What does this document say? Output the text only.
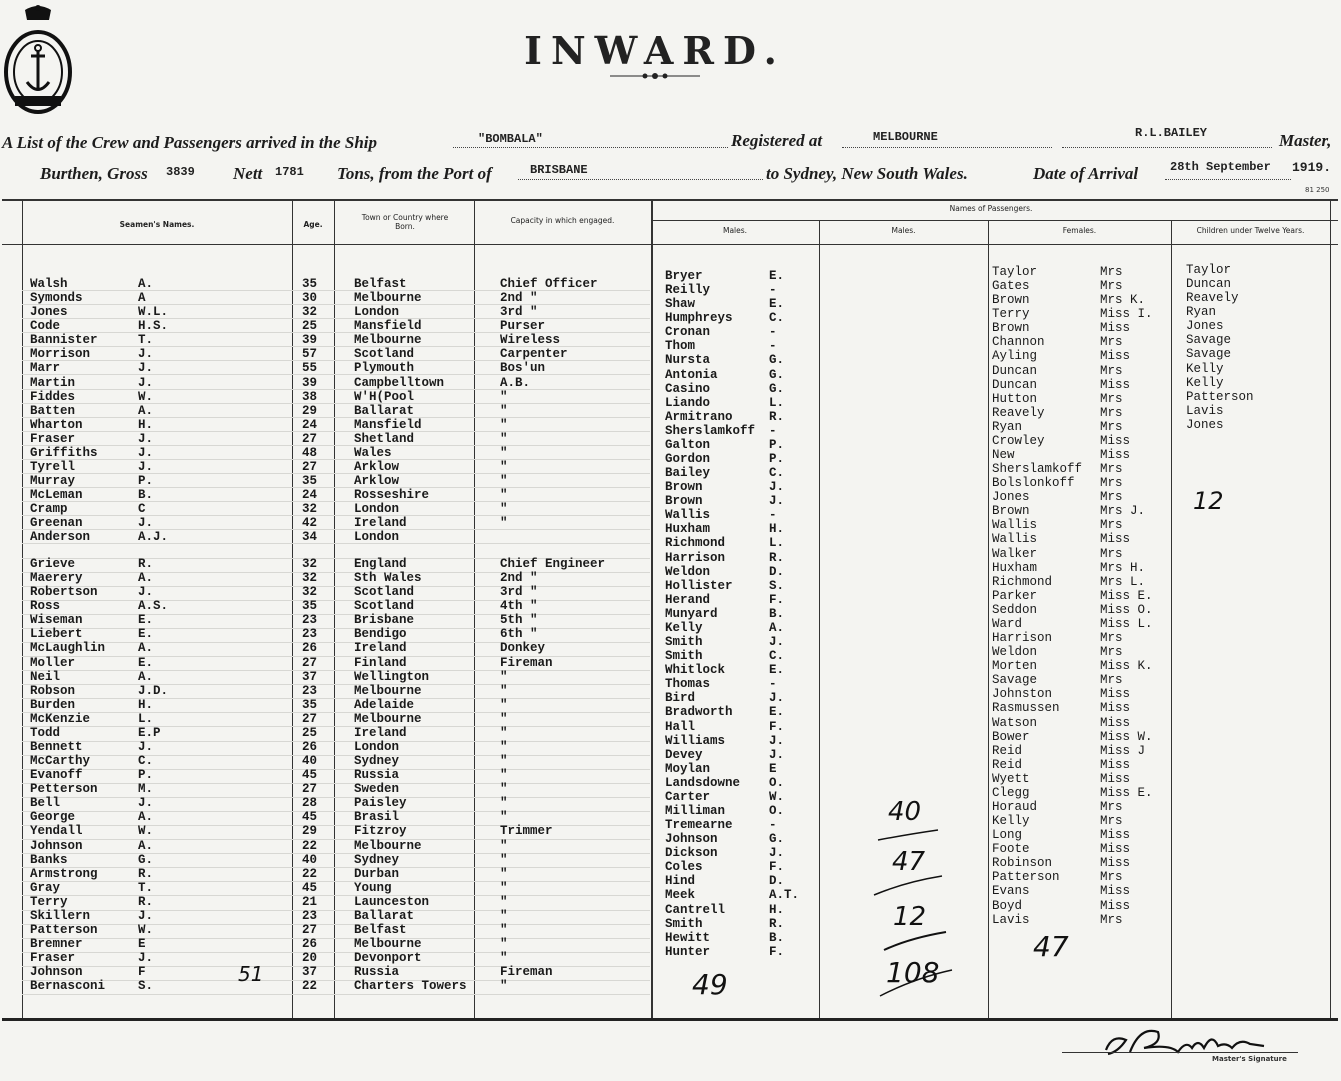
INWARD.
A List of the Crew and Passengers arrived in the Ship	"BOMBALA"	Registered at	MELBOURNE	R.L.BAILEY	Master,
Burthen, Gross 3839 Nett 1781 Tons, from the Port of	BRISBANE	to Sydney, New South Wales.	Date of Arrival	28th September 1919.
81 250
Seamen's Names.	Age.
Town or Country where Born.
Capacity in which engaged.
Names of Passengers.
Males.	Males.	Females.	Children under Twelve Years.
Walsh	A.	35	Belfast	Chief Officer
Symonds	A	30	Melbourne	2nd "
Jones	W.L.	32	London	3rd "
Code	H.S.	25	Mansfield	Purser
Bannister	T.	39	Melbourne	Wireless
Morrison	J.	57	Scotland	Carpenter
Marr	J.	55	Plymouth	Bos'un
Martin	J.	39	Campbelltown	A.B.
Fiddes	W.	38	W'H(Pool	"
Batten	A.	29	Ballarat	"
Wharton	H.	24	Mansfield	"
Fraser	J.	27	Shetland	"
Griffiths	J.	48	Wales	"
Tyrell	J.	27	Arklow	"
Murray	P.	35	Arklow	"
McLeman	B.	24	Rosseshire	"
Cramp	C	32	London	"
Greenan	J.	42	Ireland	"
Anderson	A.J.	34	London
Grieve	R.	32	England	Chief Engineer
Maerery	A.	32	Sth Wales	2nd "
Robertson	J.	32	Scotland	3rd "
Ross	A.S.	35	Scotland	4th "
Wiseman	E.	23	Brisbane	5th "
Liebert	E.	23	Bendigo	6th "
McLaughlin	A.	26	Ireland	Donkey
Moller	E.	27	Finland	Fireman
Neil	A.	37	Wellington	"
Robson	J.D.	23	Melbourne	"
Burden	H.	35	Adelaide	"
McKenzie	L.	27	Melbourne	"
Todd	E.P	25	Ireland	"
Bennett	J.	26	London	"
McCarthy	C.	40	Sydney	"
Evanoff	P.	45	Russia	"
Petterson	M.	27	Sweden	"
Bell	J.	28	Paisley	"
George	A.	45	Brasil	"
Yendall	W.	29	Fitzroy	Trimmer
Johnson	A.	22	Melbourne	"
Banks	G.	40	Sydney	"
Armstrong	R.	22	Durban	"
Gray	T.	45	Young	"
Terry	R.	21	Launceston	"
Skillern	J.	23	Ballarat	"
Patterson	W.	27	Belfast	"
Bremner	E	26	Melbourne	"
Fraser	J.	20	Devonport	"
Johnson	F	37	Russia	Fireman
Bernasconi	S.	22	Charters Towers	"
Bryer	E.
Reilly	-
Shaw	E.
Humphreys	C.
Cronan	-
Thom	-
Nursta	G.
Antonia	G.
Casino	G.
Liando	L.
Armitrano	R.
Sherslamkoff -
Galton	P.
Gordon	P.
Bailey	C.
Brown	J.
Brown	J.
Wallis	-
Huxham	H.
Richmond	L.
Harrison	R.
Weldon	D.
Hollister	S.
Herand	F.
Munyard	B.
Kelly	A.
Smith	J.
Smith	C.
Whitlock	E.
Thomas	-
Bird	J.
Bradworth	E.
Hall	F.
Williams	J.
Devey	J.
Moylan	E
Landsdowne O.
Carter	W.
Milliman	O.
Tremearne	-
Johnson	G.
Dickson	J.
Coles	F.
Hind	D.
Meek	A.T.
Cantrell	H.
Smith	R.
Hewitt	B.
Hunter	F.
Taylor	Mrs
Gates	Mrs
Brown	Mrs K.
Terry	Miss I.
Brown	Miss
Channon	Mrs
Ayling	Miss
Duncan	Mrs
Duncan	Miss
Hutton	Mrs
Reavely	Mrs
Ryan	Mrs
Crowley	Miss
New	Miss
Sherslamkoff Mrs
Bolslonkoff Mrs
Jones	Mrs
Brown	Mrs J.
Wallis	Mrs
Wallis	Miss
Walker	Mrs
Huxham	Mrs H.
Richmond	Mrs L.
Parker	Miss E.
Seddon	Miss O.
Ward	Miss L.
Harrison	Mrs
Weldon	Mrs
Morten	Miss K.
Savage	Mrs
Johnston	Miss
Rasmussen	Miss
Watson	Miss
Bower	Miss W.
Reid	Miss J
Reid	Miss
Wyett	Miss
Clegg	Miss E.
Horaud	Mrs
Kelly	Mrs
Long	Miss
Foote	Miss
Robinson	Miss
Patterson	Mrs
Evans	Miss
Boyd	Miss
Lavis	Mrs
Taylor
Duncan
Reavely
Ryan
Jones
Savage
Savage
Kelly
Kelly
Patterson
Lavis
Jones
51	49
47
12
40
47
12
108
Master's Signature
